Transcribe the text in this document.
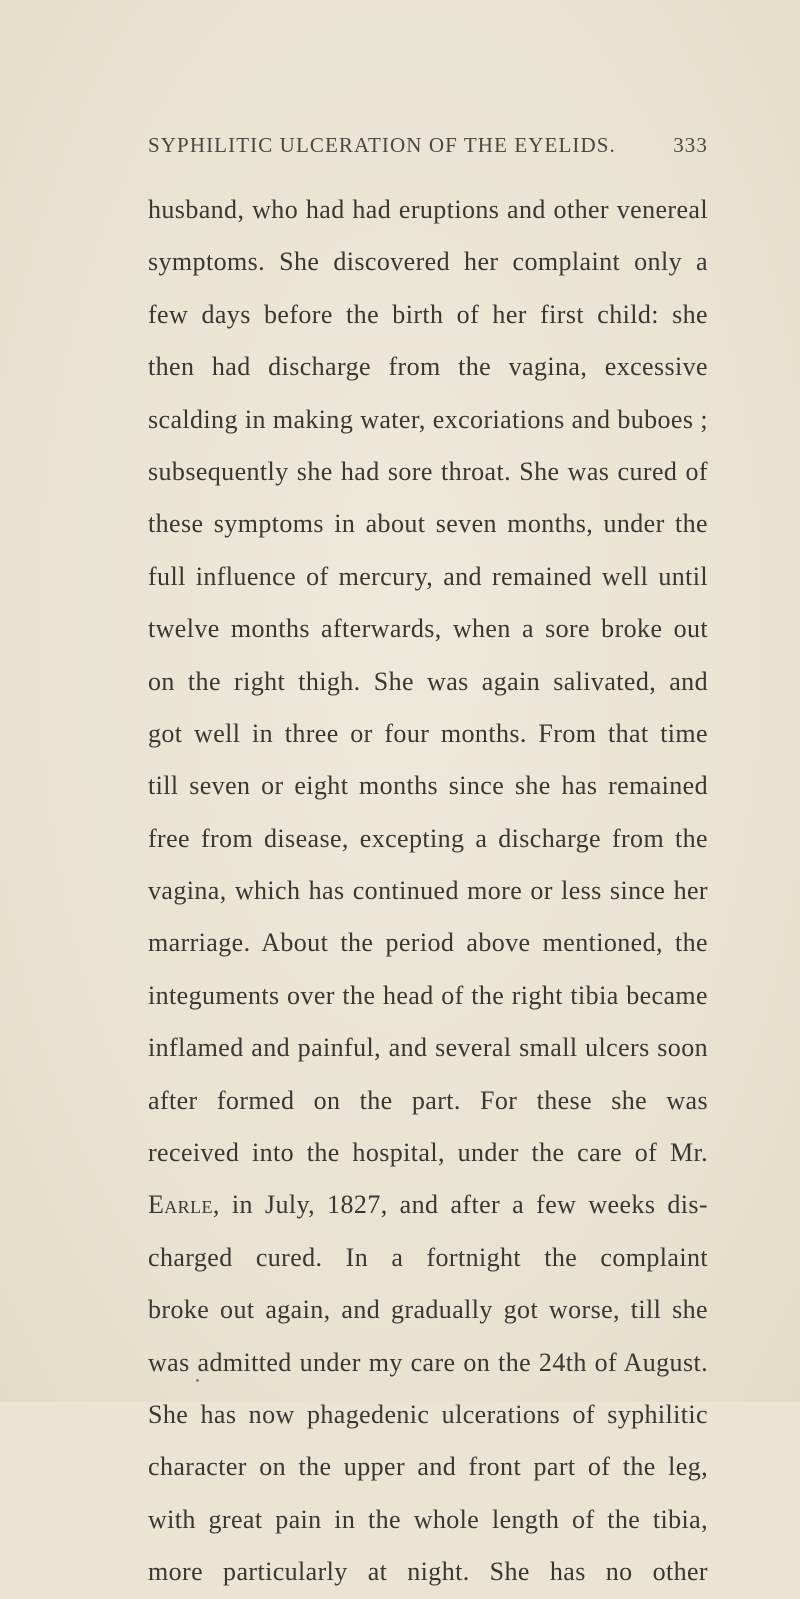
SYPHILITIC ULCERATION OF THE EYELIDS.	333
husband, who had had eruptions and other venereal
symptoms. She discovered her complaint only a
few days before the birth of her first child: she
then had discharge from the vagina, excessive
scalding in making water, excoriations and buboes ;
subsequently she had sore throat. She was cured of
these symptoms in about seven months, under the
full influence of mercury, and remained well until
twelve months afterwards, when a sore broke out
on the right thigh. She was again salivated, and
got well in three or four months. From that time
till seven or eight months since she has remained
free from disease, excepting a discharge from the
vagina, which has continued more or less since her
marriage. About the period above mentioned, the
integuments over the head of the right tibia became
inflamed and painful, and several small ulcers soon
after formed on the part. For these she was
received into the hospital, under the care of Mr.
Earle, in July, 1827, and after a few weeks dis-
charged cured. In a fortnight the complaint
broke out again, and gradually got worse, till she
was admitted under my care on the 24th of August.
She has now phagedenic ulcerations of syphilitic
character on the upper and front part of the leg,
with great pain in the whole length of the tibia,
more particularly at night. She has no other
